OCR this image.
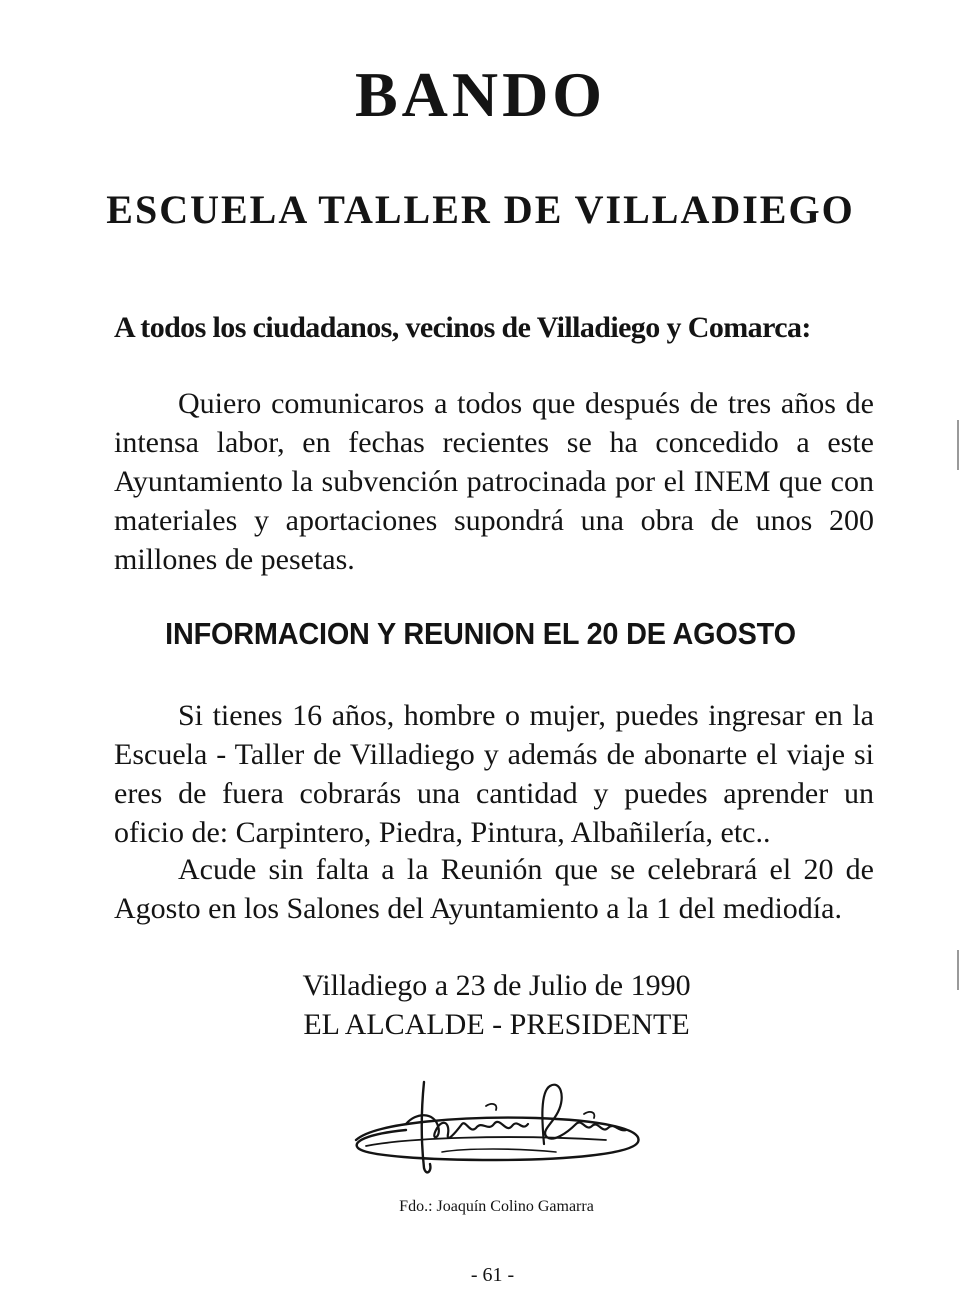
BANDO
ESCUELA TALLER DE VILLADIEGO

A todos los ciudadanos, vecinos de Villadiego y Comarca:

Quiero comunicaros a todos que después de tres años de intensa labor, en fechas recientes se ha concedido a este Ayuntamiento la subvención patrocinada por el INEM que con materiales y aportaciones supondrá una obra de unos 200 millones de pesetas.

INFORMACION Y REUNION EL 20 DE AGOSTO

Si tienes 16 años, hombre o mujer, puedes ingresar en la Escuela - Taller de Villadiego y además de abonarte el viaje si eres de fuera cobrarás una cantidad y puedes aprender un oficio de: Carpintero, Piedra, Pintura, Albañilería, etc..

Acude sin falta a la Reunión que se celebrará el 20 de Agosto en los Salones del Ayuntamiento a la 1 del mediodía.

Villadiego a 23 de Julio de 1990
EL ALCALDE - PRESIDENTE

Fdo.: Joaquín Colino Gamarra

- 61 -
